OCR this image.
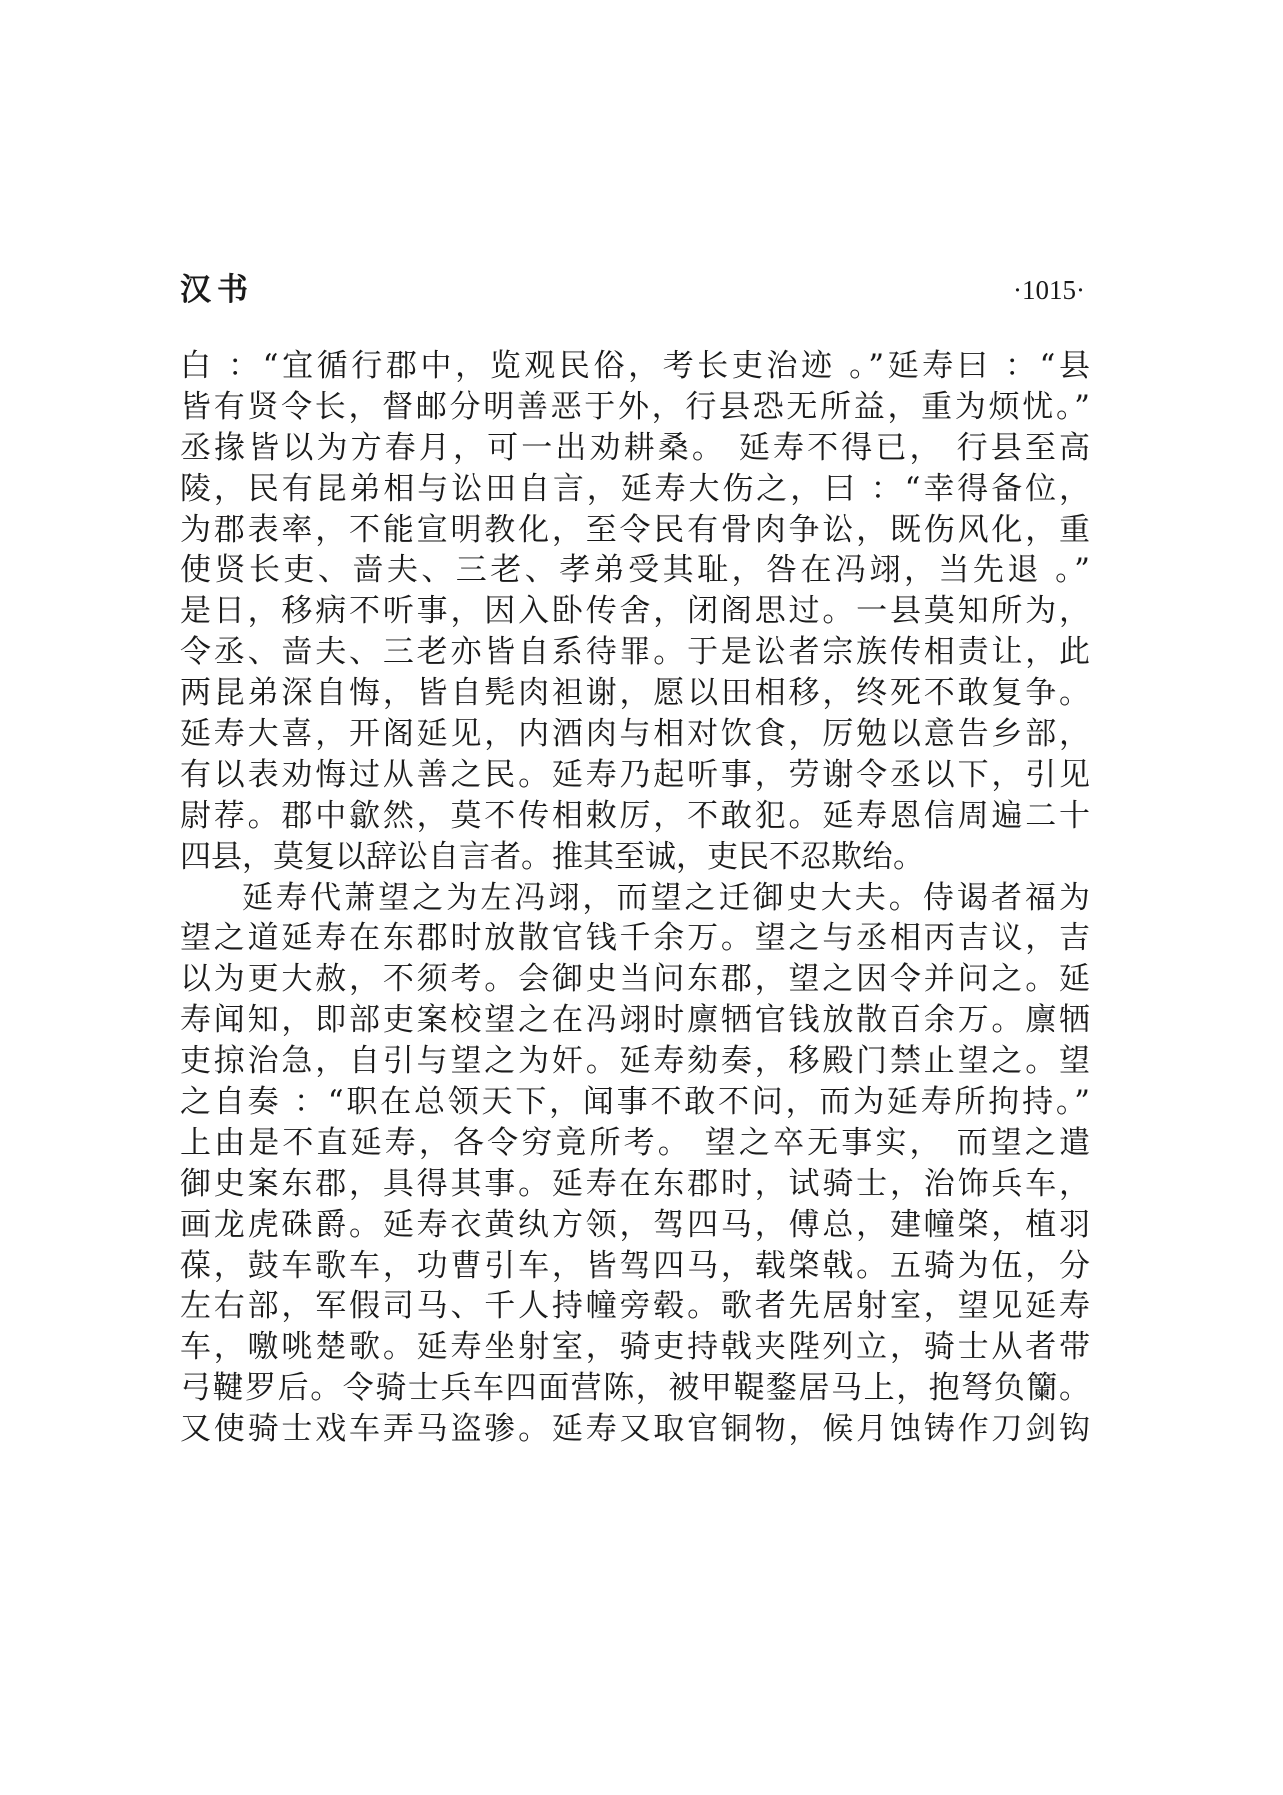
汉书	·1015·
白 ：“宜循行郡中，览观民俗，考长吏治迹 。”延寿曰 ：“县
皆有贤令长，督邮分明善恶于外，行县恐无所益，重为烦忧。”
丞掾皆以为方春月，可一出劝耕桑。 延寿不得已， 行县至高
陵，民有昆弟相与讼田自言，延寿大伤之，曰 ：“幸得备位，
为郡表率，不能宣明教化，至令民有骨肉争讼，既伤风化，重
使贤长吏、啬夫、三老、孝弟受其耻，咎在冯翊，当先退 。”
是日，移病不听事，因入卧传舍，闭阁思过。一县莫知所为，
令丞、啬夫、三老亦皆自系待罪。于是讼者宗族传相责让，此
两昆弟深自悔，皆自髡肉袒谢，愿以田相移，终死不敢复争。
延寿大喜，开阁延见，内酒肉与相对饮食，厉勉以意告乡部，
有以表劝悔过从善之民。延寿乃起听事，劳谢令丞以下，引见
尉荐。郡中歙然，莫不传相敕厉，不敢犯。延寿恩信周遍二十
四县，莫复以辞讼自言者。推其至诚，吏民不忍欺绐。
延寿代萧望之为左冯翊，而望之迁御史大夫。侍谒者福为
望之道延寿在东郡时放散官钱千余万。望之与丞相丙吉议，吉
以为更大赦，不须考。会御史当问东郡，望之因令并问之。延
寿闻知，即部吏案校望之在冯翊时廪牺官钱放散百余万。廪牺
吏掠治急，自引与望之为奸。延寿劾奏，移殿门禁止望之。望
之自奏 ：“职在总领天下，闻事不敢不问，而为延寿所拘持。”
上由是不直延寿，各令穷竟所考。 望之卒无事实， 而望之遣
御史案东郡，具得其事。延寿在东郡时，试骑士，治饰兵车，
画龙虎硃爵。延寿衣黄纨方领，驾四马，傅总，建幢棨，植羽
葆，鼓车歌车，功曹引车，皆驾四马，载棨戟。五骑为伍，分
左右部，军假司马、千人持幢旁毂。歌者先居射室，望见延寿
车，噭咷楚歌。延寿坐射室，骑吏持戟夹陛列立，骑士从者带
弓鞬罗后。令骑士兵车四面营陈，被甲鞮鍪居马上，抱弩负籣。
又使骑士戏车弄马盗骖。延寿又取官铜物，候月蚀铸作刀剑钩
